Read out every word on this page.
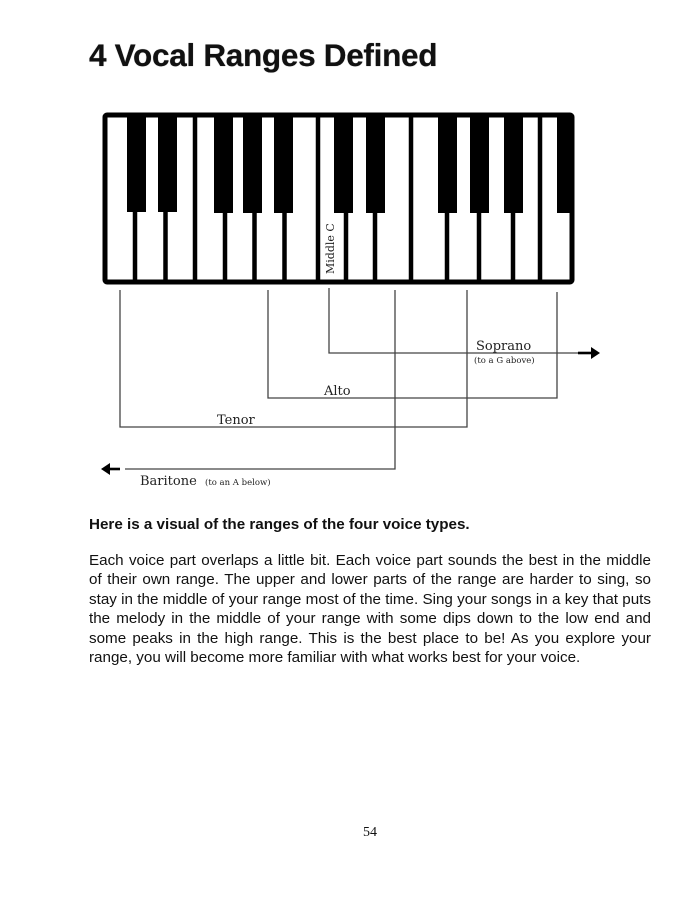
4 Vocal Ranges Defined
Middle C
Soprano
(to a G above)
Alto
Tenor
Baritone (to an A below)

Here is a visual of the ranges of the four voice types.

Each voice part overlaps a little bit. Each voice part sounds the best in the middle of their own range. The upper and lower parts of the range are harder to sing, so stay in the middle of your range most of the time. Sing your songs in a key that puts the melody in the middle of your range with some dips down to the low end and some peaks in the high range. This is the best place to be! As you explore your range, you will become more familiar with what works best for your voice.

54
